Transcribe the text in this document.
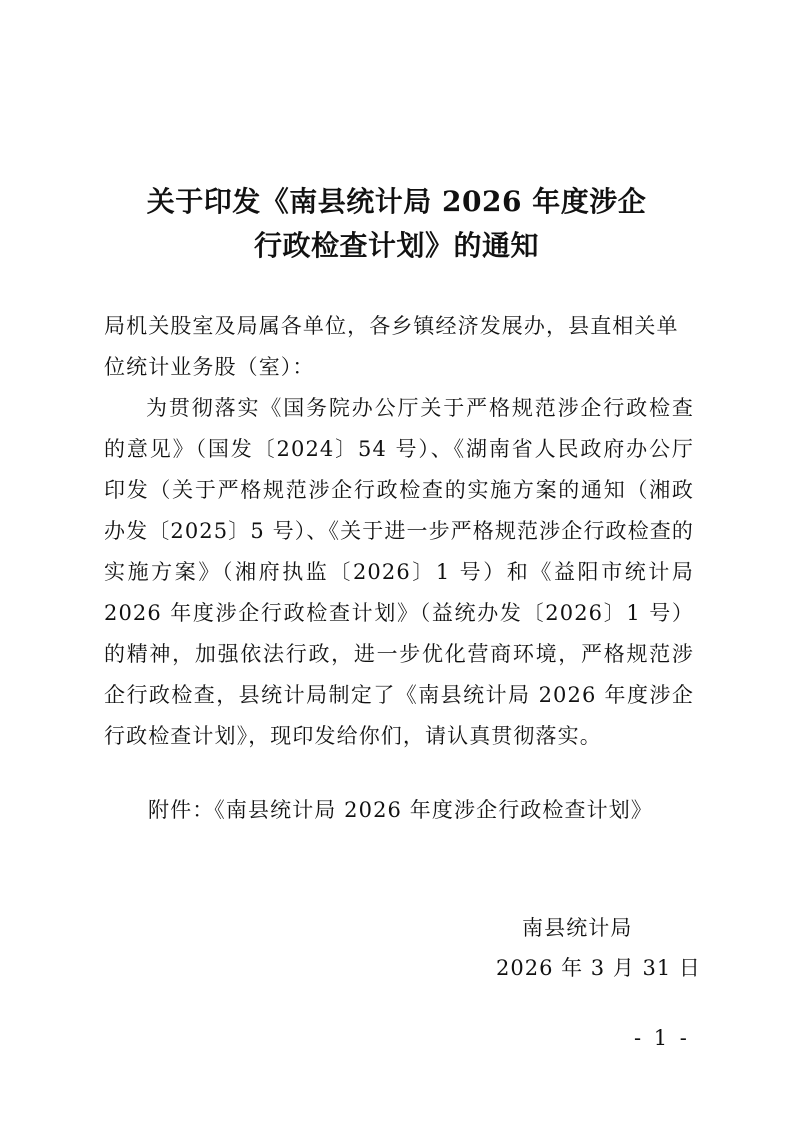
关于印发《南县统计局 2026 年度涉企
行政检查计划》的通知
局机关股室及局属各单位，各乡镇经济发展办，县直相关单位统计业务股（室）：
为贯彻落实《国务院办公厅关于严格规范涉企行政检查的意见》（国发〔2024〕54 号）、《湖南省人民政府办公厅印发（关于严格规范涉企行政检查的实施方案的通知（湘政办发〔2025〕5 号）、《关于进一步严格规范涉企行政检查的实施方案》（湘府执监〔2026〕1 号）和《益阳市统计局 2026 年度涉企行政检查计划》（益统办发〔2026〕1 号）的精神，加强依法行政，进一步优化营商环境，严格规范涉企行政检查，县统计局制定了《南县统计局 2026 年度涉企行政检查计划》，现印发给你们，请认真贯彻落实。
附件：《南县统计局 2026 年度涉企行政检查计划》
南县统计局
2026 年 3 月 31 日
- 1 -
